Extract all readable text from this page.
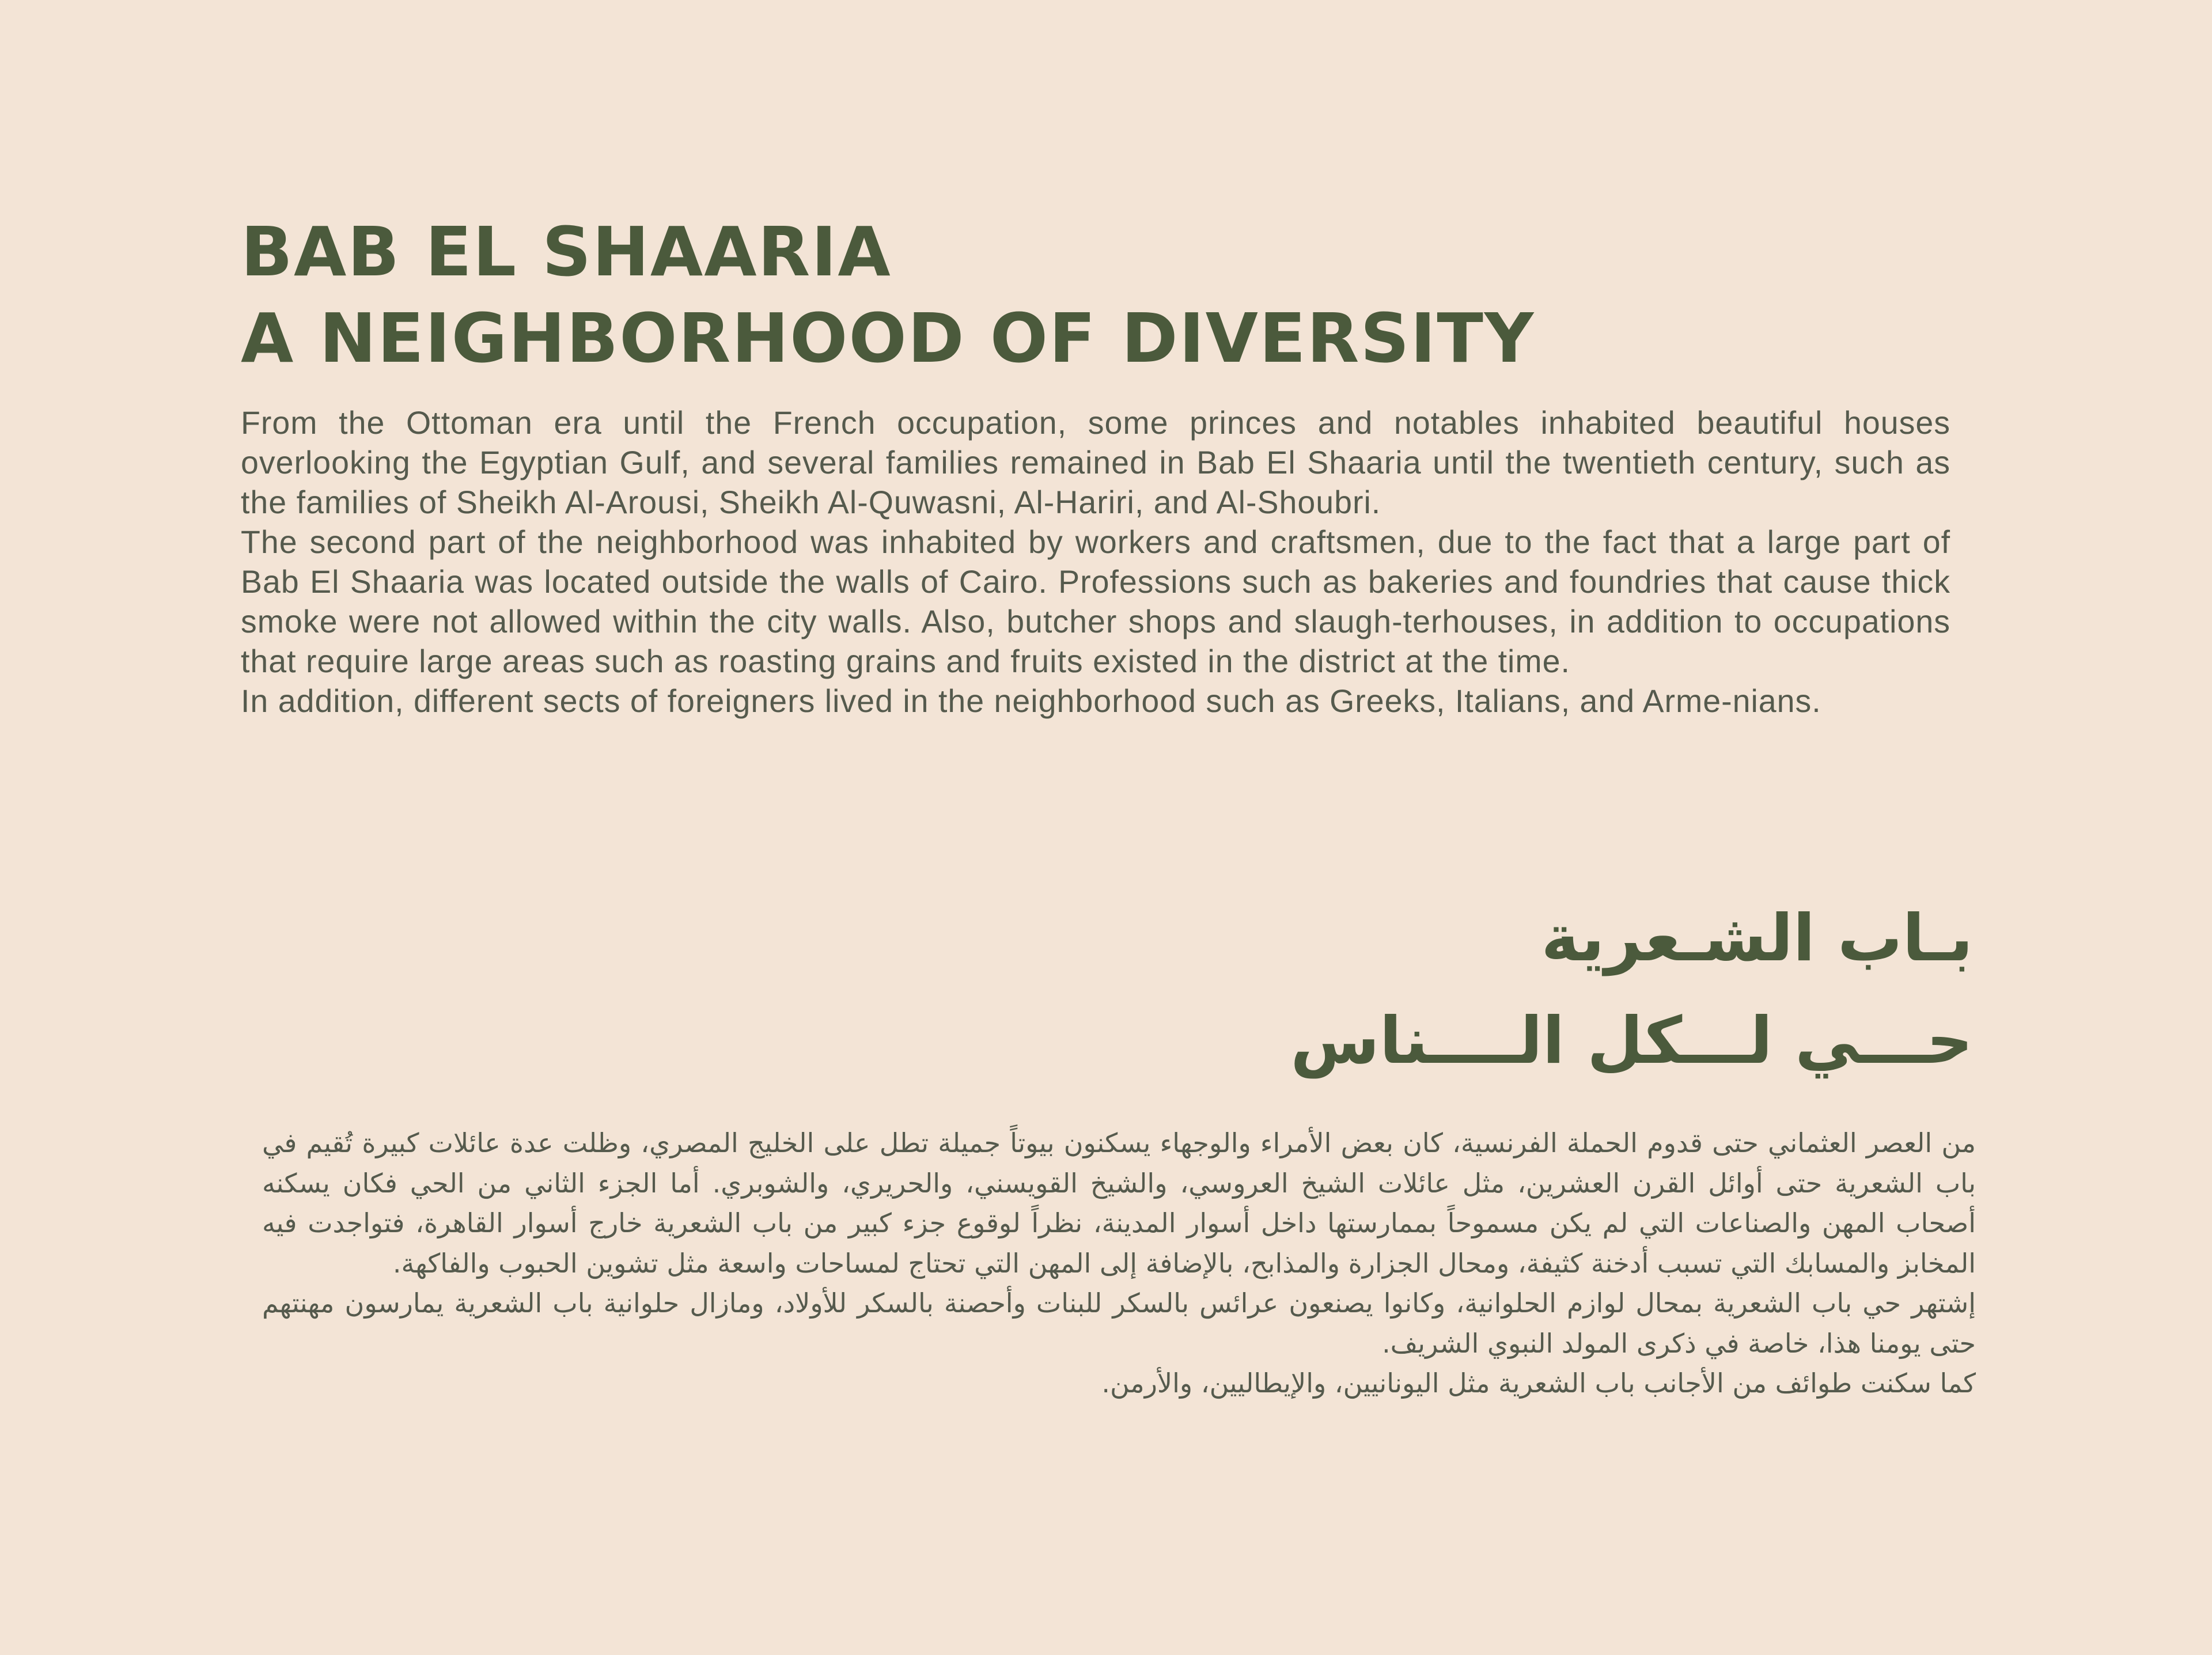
BAB EL SHAARIA
A NEIGHBORHOOD OF DIVERSITY

From the Ottoman era until the French occupation, some princes and notables inhabited beautiful houses overlooking the Egyptian Gulf, and several families remained in Bab El Shaaria until the twentieth century, such as the families of Sheikh Al-Arousi, Sheikh Al-Quwasni, Al-Hariri, and Al-Shoubri.

The second part of the neighborhood was inhabited by workers and craftsmen, due to the fact that a large part of Bab El Shaaria was located outside the walls of Cairo. Professions such as bakeries and foundries that cause thick smoke were not allowed within the city walls. Also, butcher shops and slaugh-terhouses, in addition to occupations that require large areas such as roasting grains and fruits existed in the district at the time.

In addition, different sects of foreigners lived in the neighborhood such as Greeks, Italians, and Arme-nians.

بـاب الشـعرية
حـــي لـــكل الــــناس

من العصر العثماني حتى قدوم الحملة الفرنسية، كان بعض الأمراء والوجهاء يسكنون بيوتاً جميلة تطل على الخليج المصري، وظلت عدة عائلات كبيرة تُقيم في باب الشعرية حتى أوائل القرن العشرين، مثل عائلات الشيخ العروسي، والشيخ القويسني، والحريري، والشوبري. أما الجزء الثاني من الحي فكان يسكنه أصحاب المهن والصناعات التي لم يكن مسموحاً بممارستها داخل أسوار المدينة، نظراً لوقوع جزء كبير من باب الشعرية خارج أسوار القاهرة، فتواجدت فيه المخابز والمسابك التي تسبب أدخنة كثيفة، ومحال الجزارة والمذابح، بالإضافة إلى المهن التي تحتاج لمساحات واسعة مثل تشوين الحبوب والفاكهة.

إشتهر حي باب الشعرية بمحال لوازم الحلوانية، وكانوا يصنعون عرائس بالسكر للبنات وأحصنة بالسكر للأولاد، ومازال حلوانية باب الشعرية يمارسون مهنتهم حتى يومنا هذا، خاصة في ذكرى المولد النبوي الشريف.

كما سكنت طوائف من الأجانب باب الشعرية مثل اليونانيين، والإيطاليين، والأرمن.
